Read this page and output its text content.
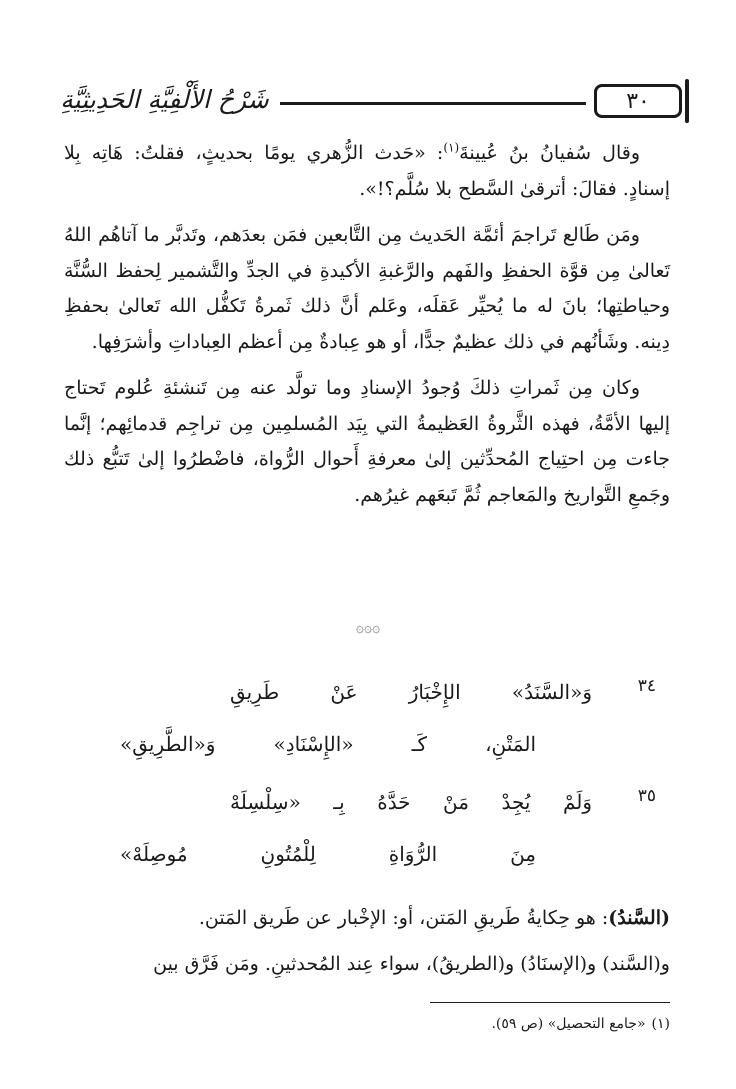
شَرْحُ الأَلْفِيَّةِ الحَدِيثِيَّةِ	٣٠

وقال سُفيانُ بنُ عُيينةَ$^{(١)}$: «حَدث الزُّهري يومًا بحديثٍ، فقلتُ: هَاتِه بِلا إسنادٍ. فقالَ: أترقىٰ السَّطح بلا سُلَّم؟!».

ومَن طَالع تَراجمَ أئمَّة الحَديث مِن التَّابعين فمَن بعدَهم، وتَدبَّر ما آتاهُم اللهُ تَعالىٰ مِن قوَّة الحفظِ والفَهم والرَّغبةِ الأكيدةِ في الجدِّ والتَّشمير لِحفظ السُّنَّة وحياطتِها؛ بانَ له ما يُحيِّر عَقلَه، وعَلم أنَّ ذلك ثَمرةُ تَكفُّل الله تَعالىٰ بحفظِ دِينه. وشَأنُهم في ذلك عظيمٌ جدًّا، أو هو عِبادةٌ مِن أعظم العِباداتِ وأشرَفِها.

وكان مِن ثَمراتِ ذلكَ وُجودُ الإسنادِ وما تولَّد عنه مِن تَنشئةِ عُلوم تَحتاج إليها الأمَّةُ، فهذه الثَّروةُ العَظيمةُ التي بِيَد المُسلمِين مِن تراجِم قدمائِهم؛ إنَّما جاءت مِن احتِياج المُحدِّثين إلىٰ معرفةِ أَحوال الرُّواة، فاضْطرُوا إلىٰ تَتبُّع ذلك وجَمعِ التَّواريخ والمَعاجم ثُمَّ تَبعَهم غيرُهم.

۞۞۞
٣٤
وَ«السَّنَدُ» الإِخْبَارُ عَنْ طَرِيقِ
المَتْنِ، كَـ «الإِسْنَادِ» وَ«الطَّرِيقِ»
٣٥
وَلَمْ يُجِدْ مَنْ حَدَّهُ بِـ «سِلْسِلَهْ
مِنَ الرُّوَاةِ لِلْمُتُونِ مُوصِلَهْ»

(السَّندُ): هو حِكايةُ طَريقِ المَتن، أو: الإخْبار عن طَريق المَتن.

و(السَّند) و(الإسنَادُ) و(الطريقُ)، سواء عِند المُحدثينِ. ومَن فَرَّق بين

(١)«جامع التحصيل» (ص ٥٩).
